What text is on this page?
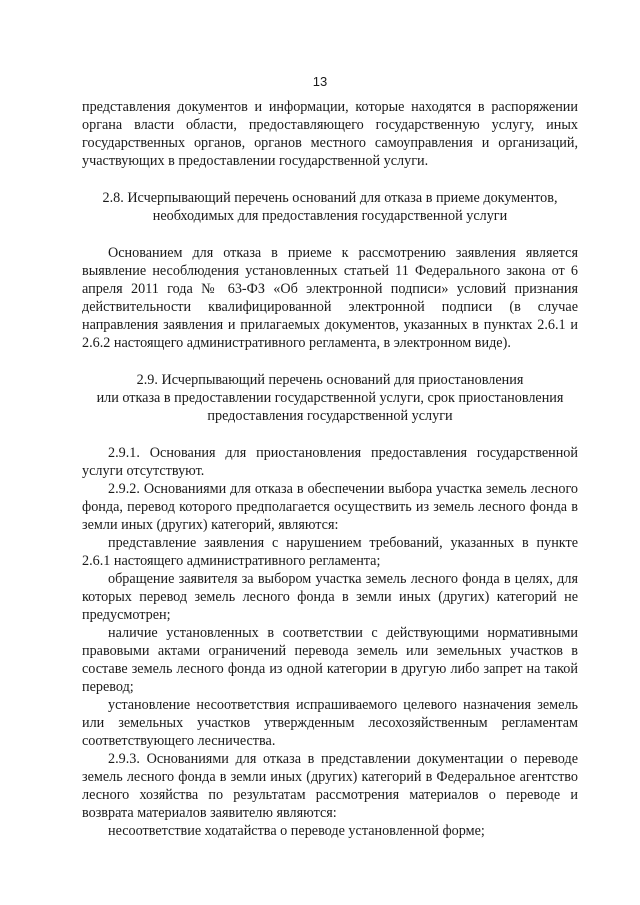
13

представления документов и информации, которые находятся в распоряжении органа власти области, предоставляющего государственную услугу, иных государственных органов, органов местного самоуправления и организаций, участвующих в предоставлении государственной услуги.

2.8. Исчерпывающий перечень оснований для отказа в приеме документов,
необходимых для предоставления государственной услуги

Основанием для отказа в приеме к рассмотрению заявления является выявление несоблюдения установленных статьей 11 Федерального закона от 6 апреля 2011 года № 63-ФЗ «Об электронной подписи» условий признания действительности квалифицированной электронной подписи (в случае направления заявления и прилагаемых документов, указанных в пунктах 2.6.1 и 2.6.2 настоящего административного регламента, в электронном виде).

2.9. Исчерпывающий перечень оснований для приостановления
или отказа в предоставлении государственной услуги, срок приостановления
предоставления государственной услуги

2.9.1. Основания для приостановления предоставления государственной услуги отсутствуют.

2.9.2. Основаниями для отказа в обеспечении выбора участка земель лесного фонда, перевод которого предполагается осуществить из земель лесного фонда в земли иных (других) категорий, являются:

представление заявления с нарушением требований, указанных в пункте 2.6.1 настоящего административного регламента;

обращение заявителя за выбором участка земель лесного фонда в целях, для которых перевод земель лесного фонда в земли иных (других) категорий не предусмотрен;

наличие установленных в соответствии с действующими нормативными правовыми актами ограничений перевода земель или земельных участков в составе земель лесного фонда из одной категории в другую либо запрет на такой перевод;

установление несоответствия испрашиваемого целевого назначения земель или земельных участков утвержденным лесохозяйственным регламентам соответствующего лесничества.

2.9.3. Основаниями для отказа в представлении документации о переводе земель лесного фонда в земли иных (других) категорий в Федеральное агентство лесного хозяйства по результатам рассмотрения материалов о переводе и возврата материалов заявителю являются:

несоответствие ходатайства о переводе установленной форме;
